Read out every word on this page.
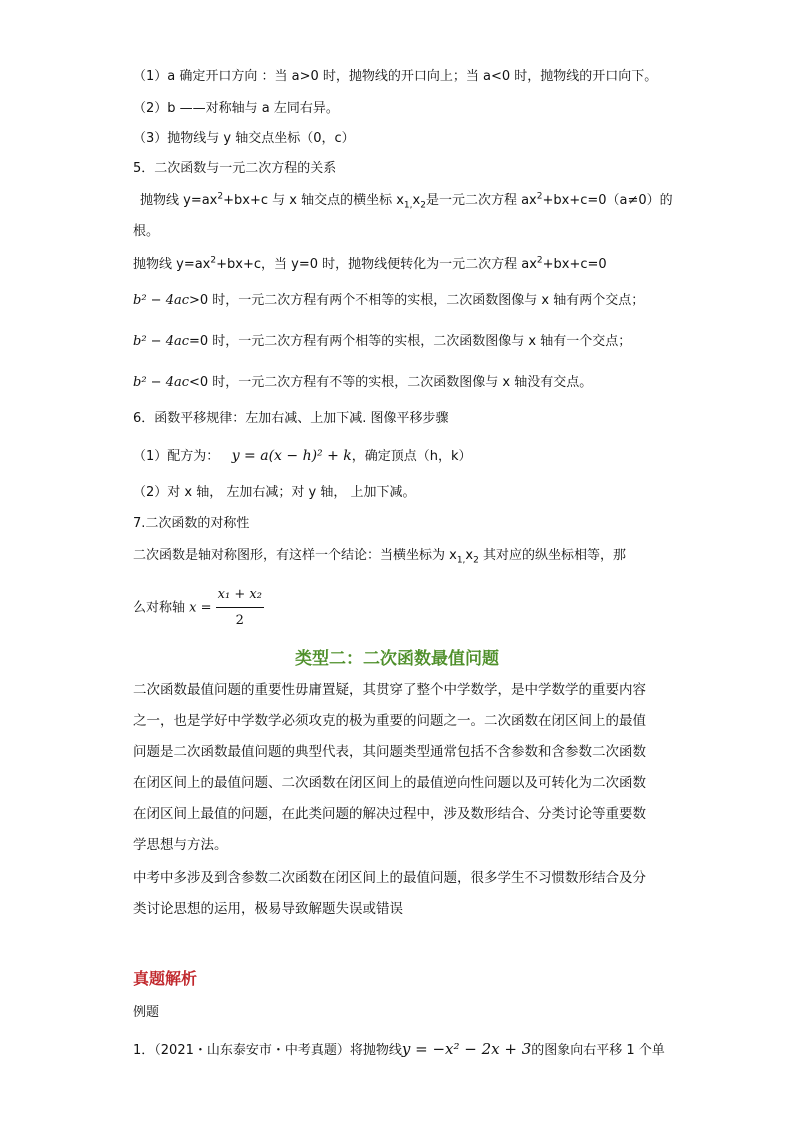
（1）a 确定开口方向 ：当 a>0 时，抛物线的开口向上；当 a<0 时，抛物线的开口向下。
（2）b ——对称轴与 a 左同右异。
（3）抛物线与 y 轴交点坐标（0，c）
5．二次函数与一元二次方程的关系
抛物线 $y=ax^2+bx+c$ 与 x 轴交点的横坐标 $x_{1,}x_2$是一元二次方程 $ax^2+bx+c=0(a\ne 0)$的
根。
抛物线 $y=ax^2+bx+c$，当 y=0 时，抛物线便转化为一元二次方程 $ax^2+bx+c=0$
b² − 4ac>0 时，一元二次方程有两个不相等的实根，二次函数图像与 x 轴有两个交点；
b² − 4ac=0 时，一元二次方程有两个相等的实根，二次函数图像与 x 轴有一个交点；
b² − 4ac<0 时，一元二次方程有不等的实根，二次函数图像与 x 轴没有交点。
6．函数平移规律：左加右减、上加下减. 图像平移步骤
（1）配方为： y = a(x − h)² + k，确定顶点（h，k）
（2）对 x 轴， 左加右减；对 y 轴， 上加下减。
7.二次函数的对称性
二次函数是轴对称图形，有这样一个结论：当横坐标为 $x_{1,}x_2$ 其对应的纵坐标相等，那
么对称轴 $x = \frac{\text{x₁ + x₂}}{2}$
类型二：二次函数最值问题
二次函数最值问题的重要性毋庸置疑，其贯穿了整个中学数学，是中学数学的重要内容
之一，也是学好中学数学必须攻克的极为重要的问题之一。二次函数在闭区间上的最值
问题是二次函数最值问题的典型代表，其问题类型通常包括不含参数和含参数二次函数
在闭区间上的最值问题、二次函数在闭区间上的最值逆向性问题以及可转化为二次函数
在闭区间上最值的问题，在此类问题的解决过程中，涉及数形结合、分类讨论等重要数
学思想与方法。
中考中多涉及到含参数二次函数在闭区间上的最值问题，很多学生不习惯数形结合及分
类讨论思想的运用，极易导致解题失误或错误
真题解析
例题
1．（2021・山东泰安市・中考真题）将抛物线y = −x² − 2x + 3的图象向右平移 1 个单
